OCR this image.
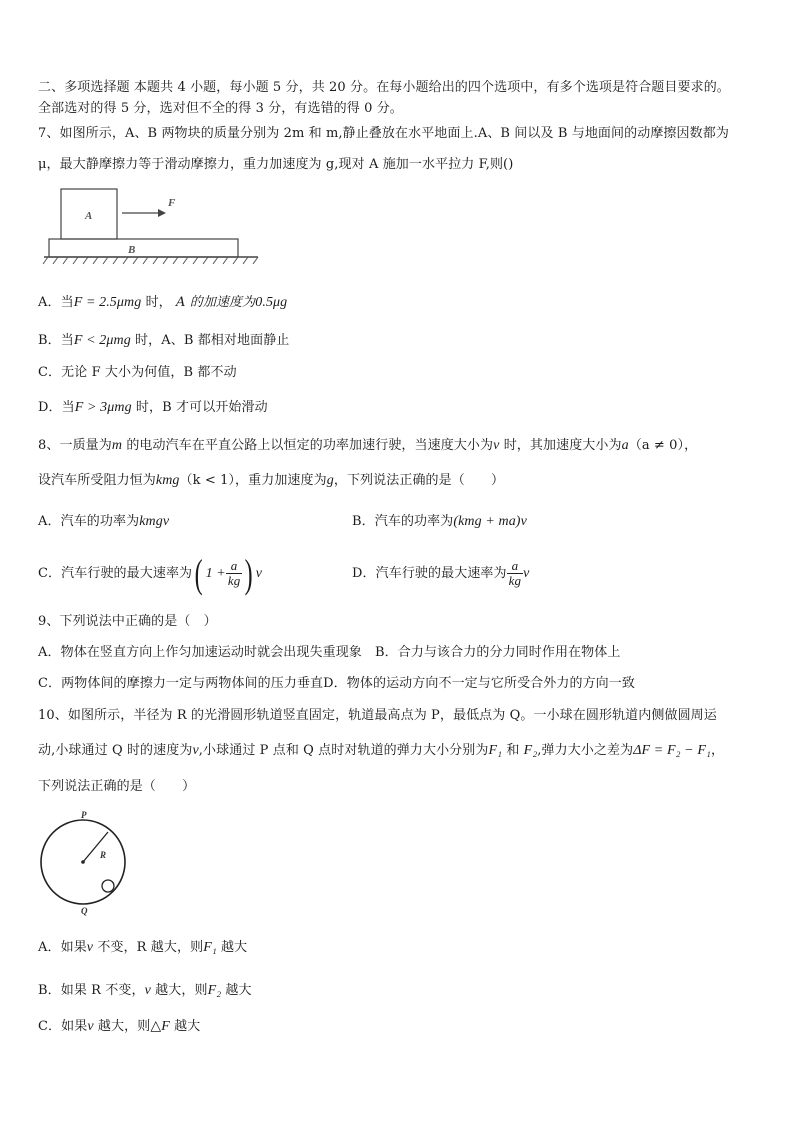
二、多项选择题 本题共 4 小题，每小题 5 分，共 20 分。在每小题给出的四个选项中，有多个选项是符合题目要求的。
全部选对的得 5 分，选对但不全的得 3 分，有选错的得 0 分。
7、如图所示，A、B 两物块的质量分别为 2m 和 m,静止叠放在水平地面上.A、B 间以及 B 与地面间的动摩擦因数都为
μ，最大静摩擦力等于滑动摩擦力，重力加速度为 g,现对 A 施加一水平拉力 F,则()
A
F
B
A．当F = 2.5μmg 时， A 的加速度为0.5μg
B．当F < 2μmg 时，A、B 都相对地面静止
C．无论 F 大小为何值，B 都不动
D．当F > 3μmg 时，B 才可以开始滑动
8、一质量为m 的电动汽车在平直公路上以恒定的功率加速行驶，当速度大小为v 时，其加速度大小为a（a ≠ 0），
设汽车所受阻力恒为kmg（k < 1），重力加速度为g，下列说法正确的是（　　）
A．汽车的功率为kmgv	B．汽车的功率为(kmg + ma)v
C．汽车行驶的最大速率为( $1 + \frac{a}{kg}$ ) v	D．汽车行驶的最大速率为 $\frac{a}{kg}$ v
9、下列说法中正确的是（　）
A．物体在竖直方向上作匀加速运动时就会出现失重现象　B．合力与该合力的分力同时作用在物体上
C．两物体间的摩擦力一定与两物体间的压力垂直D．物体的运动方向不一定与它所受合外力的方向一致
10、如图所示，半径为 R 的光滑圆形轨道竖直固定，轨道最高点为 P，最低点为 Q。一小球在圆形轨道内侧做圆周运
动,小球通过 Q 时的速度为v,小球通过 P 点和 Q 点时对轨道的弹力大小分别为F₁ 和 F₂,弹力大小之差为ΔF = F₂ − F₁，
下列说法正确的是（　　）
P
R
Q
A．如果v 不变，R 越大，则F₁ 越大
B．如果 R 不变，v 越大，则F₂ 越大
C．如果v 越大，则△F 越大
